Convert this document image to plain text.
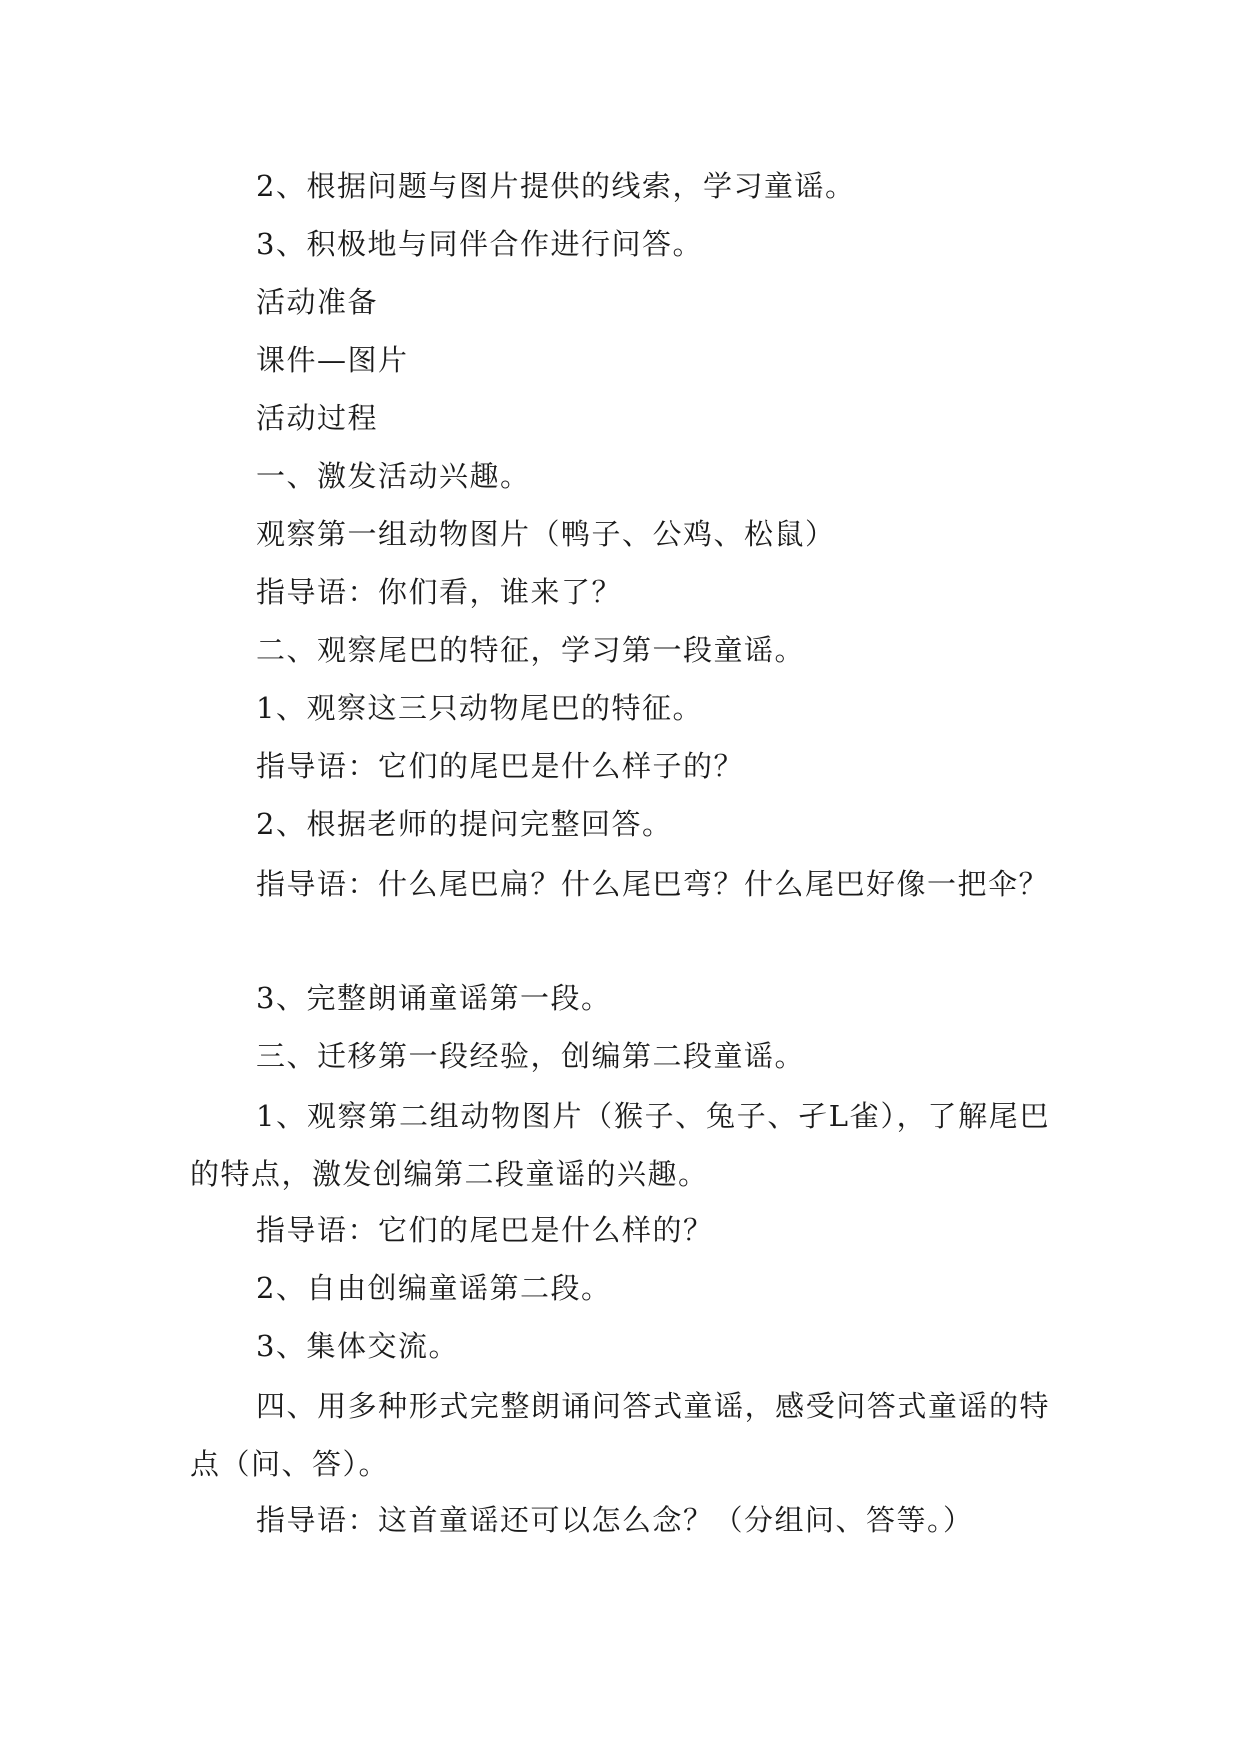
2、根据问题与图片提供的线索，学习童谣。
3、积极地与同伴合作进行问答。
活动准备
课件—图片
活动过程
一、激发活动兴趣。
观察第一组动物图片（鸭子、公鸡、松鼠）
指导语：你们看，谁来了？
二、观察尾巴的特征，学习第一段童谣。
1、观察这三只动物尾巴的特征。
指导语：它们的尾巴是什么样子的？
2、根据老师的提问完整回答。
指导语：什么尾巴扁？什么尾巴弯？什么尾巴好像一把伞？
3、完整朗诵童谣第一段。
三、迁移第一段经验，创编第二段童谣。
1、观察第二组动物图片（猴子、兔子、孑L雀），了解尾巴的特点，激发创编第二段童谣的兴趣。
指导语：它们的尾巴是什么样的？
2、自由创编童谣第二段。
3、集体交流。
四、用多种形式完整朗诵问答式童谣，感受问答式童谣的特点（问、答）。
指导语：这首童谣还可以怎么念？（分组问、答等。）
